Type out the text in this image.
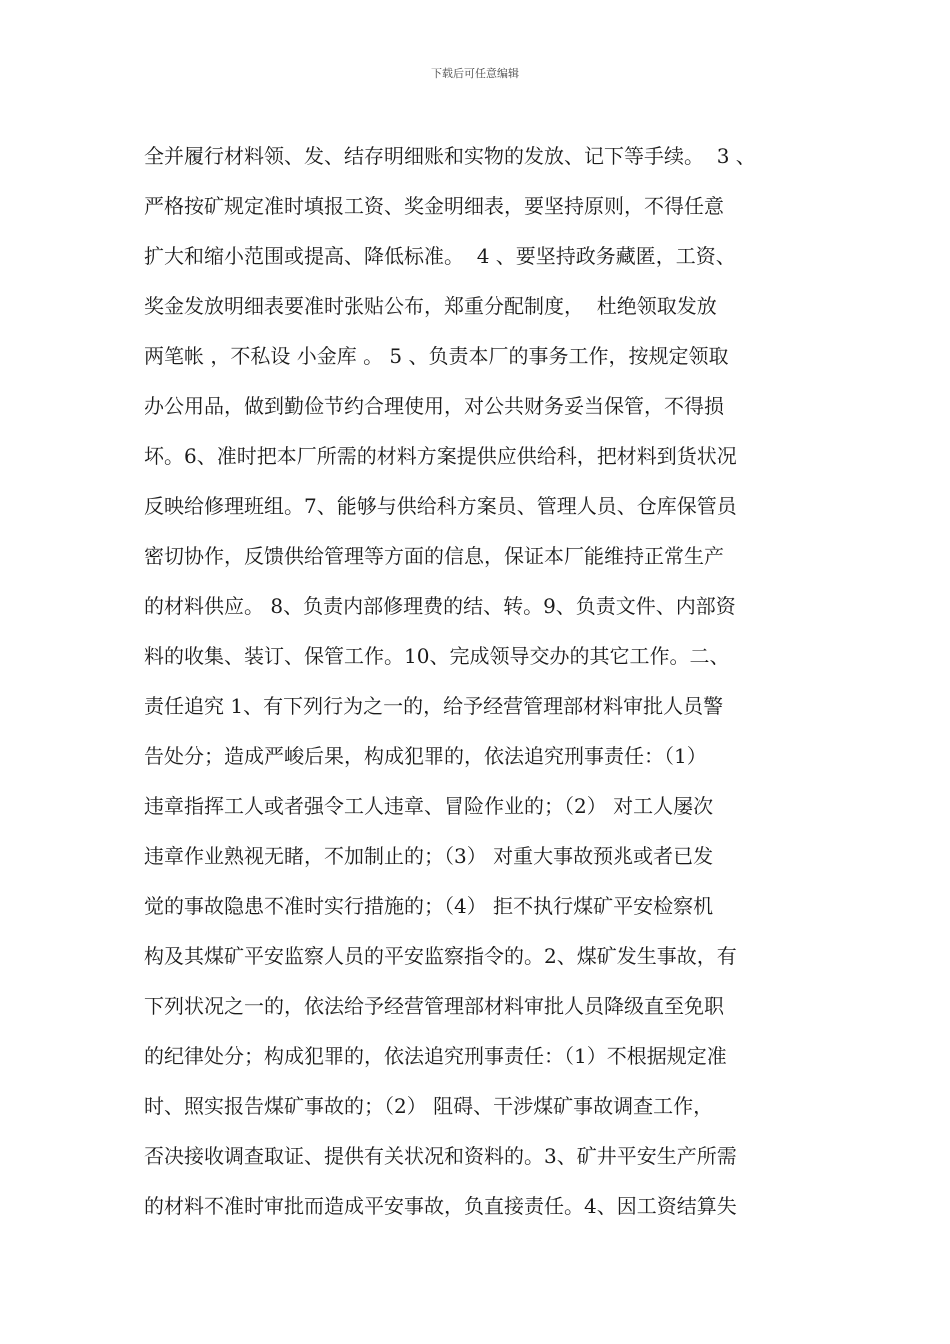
下载后可任意编辑
全并履行材料领、发、结存明细账和实物的发放、记下等手续。  3 、
严格按矿规定准时填报工资、奖金明细表，要坚持原则，不得任意
扩大和缩小范围或提高、降低标准。  4 、要坚持政务藏匿，工资、
奖金发放明细表要准时张贴公布，郑重分配制度，  杜绝领取发放
两笔帐 ，不私设 小金库 。 5 、负责本厂的事务工作，按规定领取
办公用品，做到勤俭节约合理使用，对公共财务妥当保管，不得损
坏。6、准时把本厂所需的材料方案提供应供给科，把材料到货状况
反映给修理班组。7、能够与供给科方案员、管理人员、仓库保管员
密切协作，反馈供给管理等方面的信息，保证本厂能维持正常生产
的材料供应。 8、负责内部修理费的结、转。9、负责文件、内部资
料的收集、装订、保管工作。10、完成领导交办的其它工作。二、
责任追究 1、有下列行为之一的，给予经营管理部材料审批人员警
告处分；造成严峻后果，构成犯罪的，依法追究刑事责任：（1）
违章指挥工人或者强令工人违章、冒险作业的；（2） 对工人屡次
违章作业熟视无睹，不加制止的；（3） 对重大事故预兆或者已发
觉的事故隐患不准时实行措施的；（4） 拒不执行煤矿平安检察机
构及其煤矿平安监察人员的平安监察指令的。2、煤矿发生事故，有
下列状况之一的，依法给予经营管理部材料审批人员降级直至免职
的纪律处分；构成犯罪的，依法追究刑事责任：（1）不根据规定准
时、照实报告煤矿事故的；（2） 阻碍、干涉煤矿事故调查工作，
否决接收调查取证、提供有关状况和资料的。3、矿井平安生产所需
的材料不准时审批而造成平安事故，负直接责任。4、因工资结算失
